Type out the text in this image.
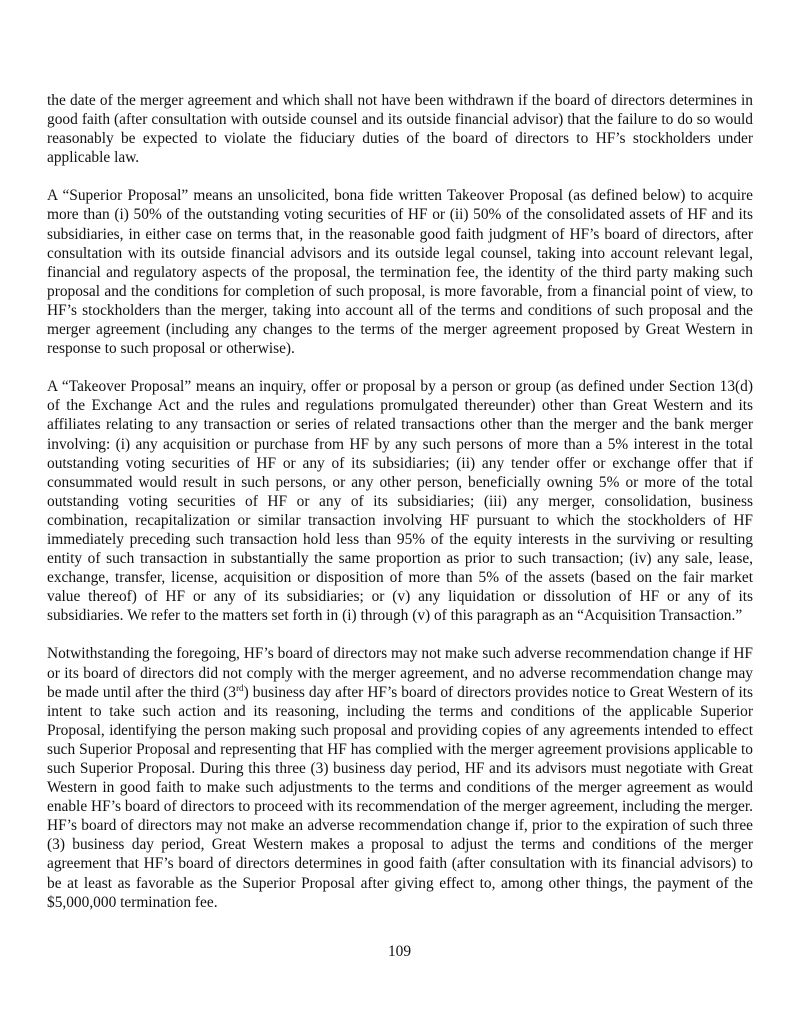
the date of the merger agreement and which shall not have been withdrawn if the board of directors determines in good faith (after consultation with outside counsel and its outside financial advisor) that the failure to do so would reasonably be expected to violate the fiduciary duties of the board of directors to HF’s stockholders under applicable law.

A “Superior Proposal” means an unsolicited, bona fide written Takeover Proposal (as defined below) to acquire more than (i) 50% of the outstanding voting securities of HF or (ii) 50% of the consolidated assets of HF and its subsidiaries, in either case on terms that, in the reasonable good faith judgment of HF’s board of directors, after consultation with its outside financial advisors and its outside legal counsel, taking into account relevant legal, financial and regulatory aspects of the proposal, the termination fee, the identity of the third party making such proposal and the conditions for completion of such proposal, is more favorable, from a financial point of view, to HF’s stockholders than the merger, taking into account all of the terms and conditions of such proposal and the merger agreement (including any changes to the terms of the merger agreement proposed by Great Western in response to such proposal or otherwise).

A “Takeover Proposal” means an inquiry, offer or proposal by a person or group (as defined under Section 13(d) of the Exchange Act and the rules and regulations promulgated thereunder) other than Great Western and its affiliates relating to any transaction or series of related transactions other than the merger and the bank merger involving: (i) any acquisition or purchase from HF by any such persons of more than a 5% interest in the total outstanding voting securities of HF or any of its subsidiaries; (ii) any tender offer or exchange offer that if consummated would result in such persons, or any other person, beneficially owning 5% or more of the total outstanding voting securities of HF or any of its subsidiaries; (iii) any merger, consolidation, business combination, recapitalization or similar transaction involving HF pursuant to which the stockholders of HF immediately preceding such transaction hold less than 95% of the equity interests in the surviving or resulting entity of such transaction in substantially the same proportion as prior to such transaction; (iv) any sale, lease, exchange, transfer, license, acquisition or disposition of more than 5% of the assets (based on the fair market value thereof) of HF or any of its subsidiaries; or (v) any liquidation or dissolution of HF or any of its subsidiaries. We refer to the matters set forth in (i) through (v) of this paragraph as an “Acquisition Transaction.”

Notwithstanding the foregoing, HF’s board of directors may not make such adverse recommendation change if HF or its board of directors did not comply with the merger agreement, and no adverse recommendation change may be made until after the third (3rd) business day after HF’s board of directors provides notice to Great Western of its intent to take such action and its reasoning, including the terms and conditions of the applicable Superior Proposal, identifying the person making such proposal and providing copies of any agreements intended to effect such Superior Proposal and representing that HF has complied with the merger agreement provisions applicable to such Superior Proposal. During this three (3) business day period, HF and its advisors must negotiate with Great Western in good faith to make such adjustments to the terms and conditions of the merger agreement as would enable HF’s board of directors to proceed with its recommendation of the merger agreement, including the merger. HF’s board of directors may not make an adverse recommendation change if, prior to the expiration of such three (3) business day period, Great Western makes a proposal to adjust the terms and conditions of the merger agreement that HF’s board of directors determines in good faith (after consultation with its financial advisors) to be at least as favorable as the Superior Proposal after giving effect to, among other things, the payment of the $5,000,000 termination fee.

109
